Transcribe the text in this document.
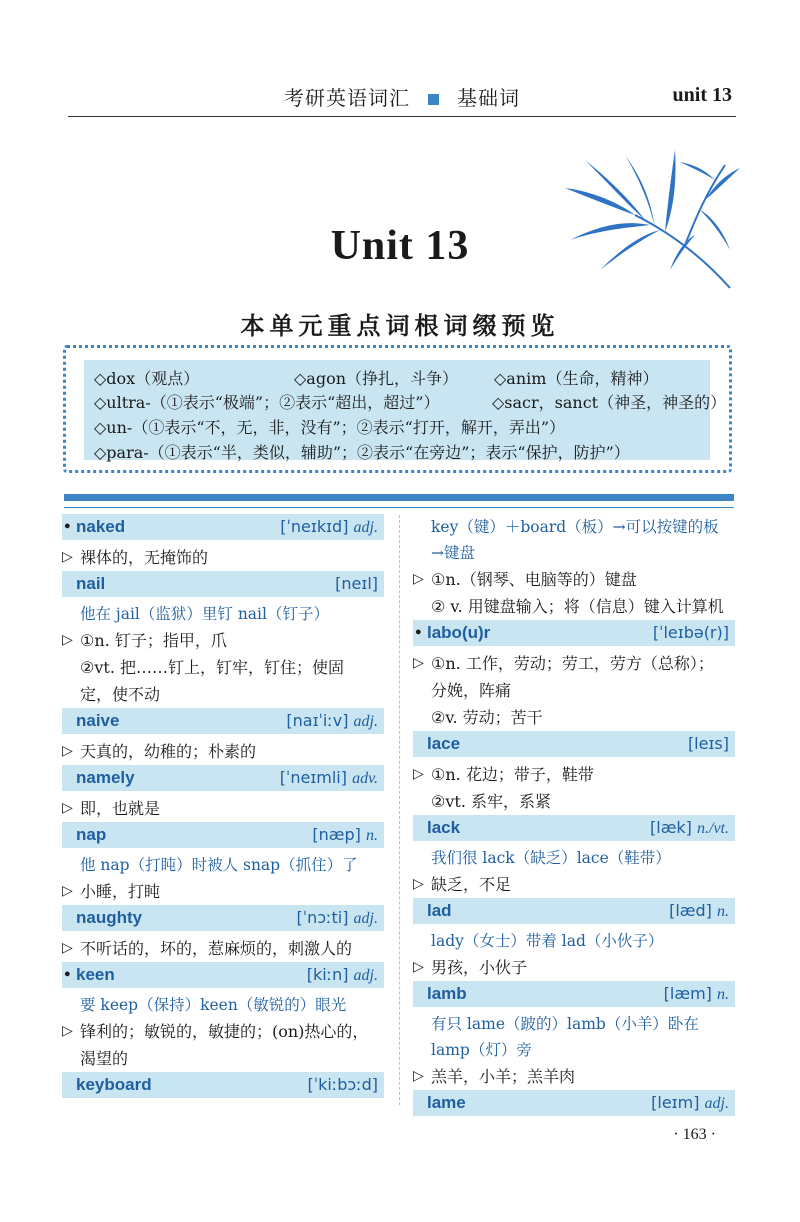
考研英语词汇 基础词	unit 13
Unit 13
本单元重点词根词缀预览
◇dox（观点）	◇agon（挣扎，斗争） ◇anim（生命，精神）
◇ultra-（①表示“极端”；②表示“超出，超过”）	◇sacr，sanct（神圣，神圣的）
◇un-（①表示“不，无，非，没有”；②表示“打开，解开，弄出”）
◇para-（①表示“半，类似，辅助”；②表示“在旁边”；表示“保护，防护”）
● naked	[ˈneɪkɪd] adj.
▷ 裸体的，无掩饰的
nail	[neɪl]
他在 jail（监狱）里钉 nail（钉子）
▷ ①n. 钉子；指甲，爪
②vt. 把……钉上，钉牢，钉住；使固
定，使不动
naive	[naɪˈiːv] adj.
▷ 天真的，幼稚的；朴素的
namely	[ˈneɪmli] adv.
▷ 即，也就是
nap	[næp] n.
他 nap（打盹）时被人 snap（抓住）了
▷ 小睡，打盹
naughty	[ˈnɔːti] adj.
▷ 不听话的，坏的，惹麻烦的，刺激人的
● keen	[kiːn] adj.
要 keep（保持）keen（敏锐的）眼光
▷ 锋利的；敏锐的，敏捷的；(on)热心的，
渴望的
keyboard	[ˈkiːbɔːd]
key（键）＋board（板）→可以按键的板
→键盘
▷ ①n.（钢琴、电脑等的）键盘
② v. 用键盘输入；将（信息）键入计算机
● labo(u)r	[ˈleɪbə(r)]
▷ ①n. 工作，劳动；劳工，劳方（总称）；
分娩，阵痛
②v. 劳动；苦干
lace	[leɪs]
▷ ①n. 花边；带子，鞋带
②vt. 系牢，系紧
lack	[læk] n./vt.
我们很 lack（缺乏）lace（鞋带）
▷ 缺乏，不足
lad	[læd] n.
lady（女士）带着 lad（小伙子）
▷ 男孩，小伙子
lamb	[læm] n.
有只 lame（跛的）lamb（小羊）卧在
lamp（灯）旁
▷ 羔羊，小羊；羔羊肉
lame	[leɪm] adj.
· 163 ·
